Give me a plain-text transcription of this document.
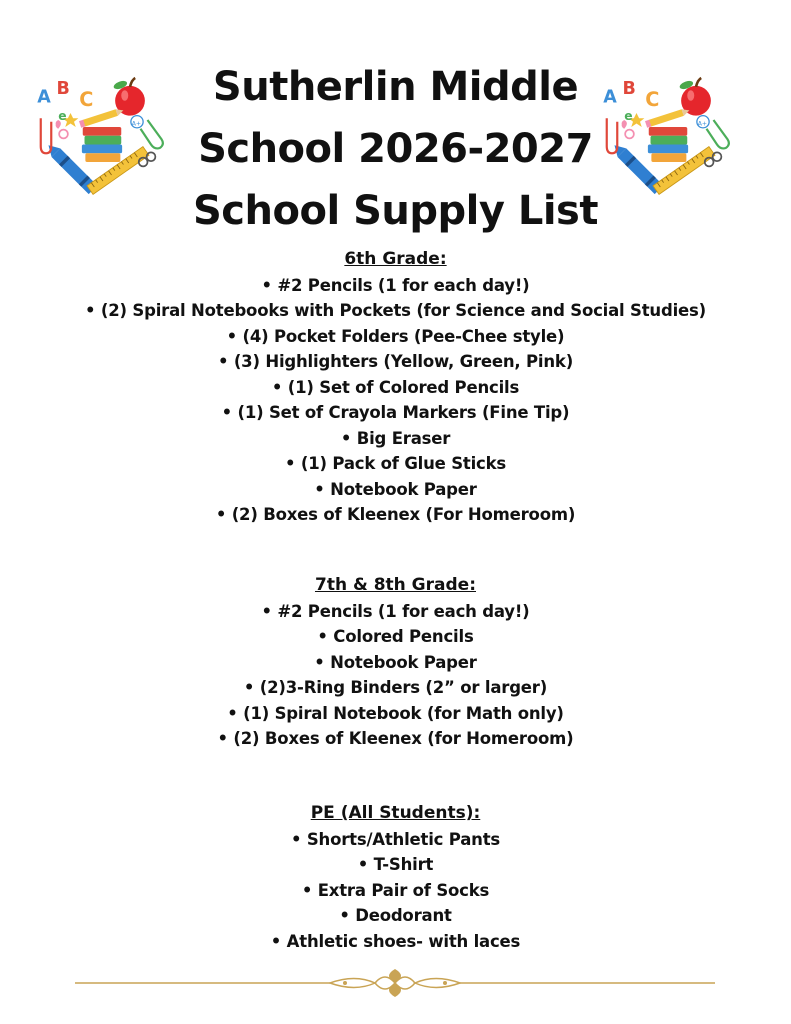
Sutherlin Middle
School 2026-2027
School Supply List

6th Grade:

• #2 Pencils (1 for each day!)
• (2) Spiral Notebooks with Pockets (for Science and Social Studies)
• (4) Pocket Folders (Pee-Chee style)
• (3) Highlighters (Yellow, Green, Pink)
• (1) Set of Colored Pencils
• (1) Set of Crayola Markers (Fine Tip)
• Big Eraser
• (1) Pack of Glue Sticks
• Notebook Paper
• (2) Boxes of Kleenex (For Homeroom)

7th & 8th Grade:

• #2 Pencils (1 for each day!)
• Colored Pencils
• Notebook Paper
• (2)3-Ring Binders (2” or larger)
• (1) Spiral Notebook (for Math only)
• (2) Boxes of Kleenex (for Homeroom)

PE (All Students):

• Shorts/Athletic Pants
• T-Shirt
• Extra Pair of Socks
• Deodorant
• Athletic shoes- with laces
